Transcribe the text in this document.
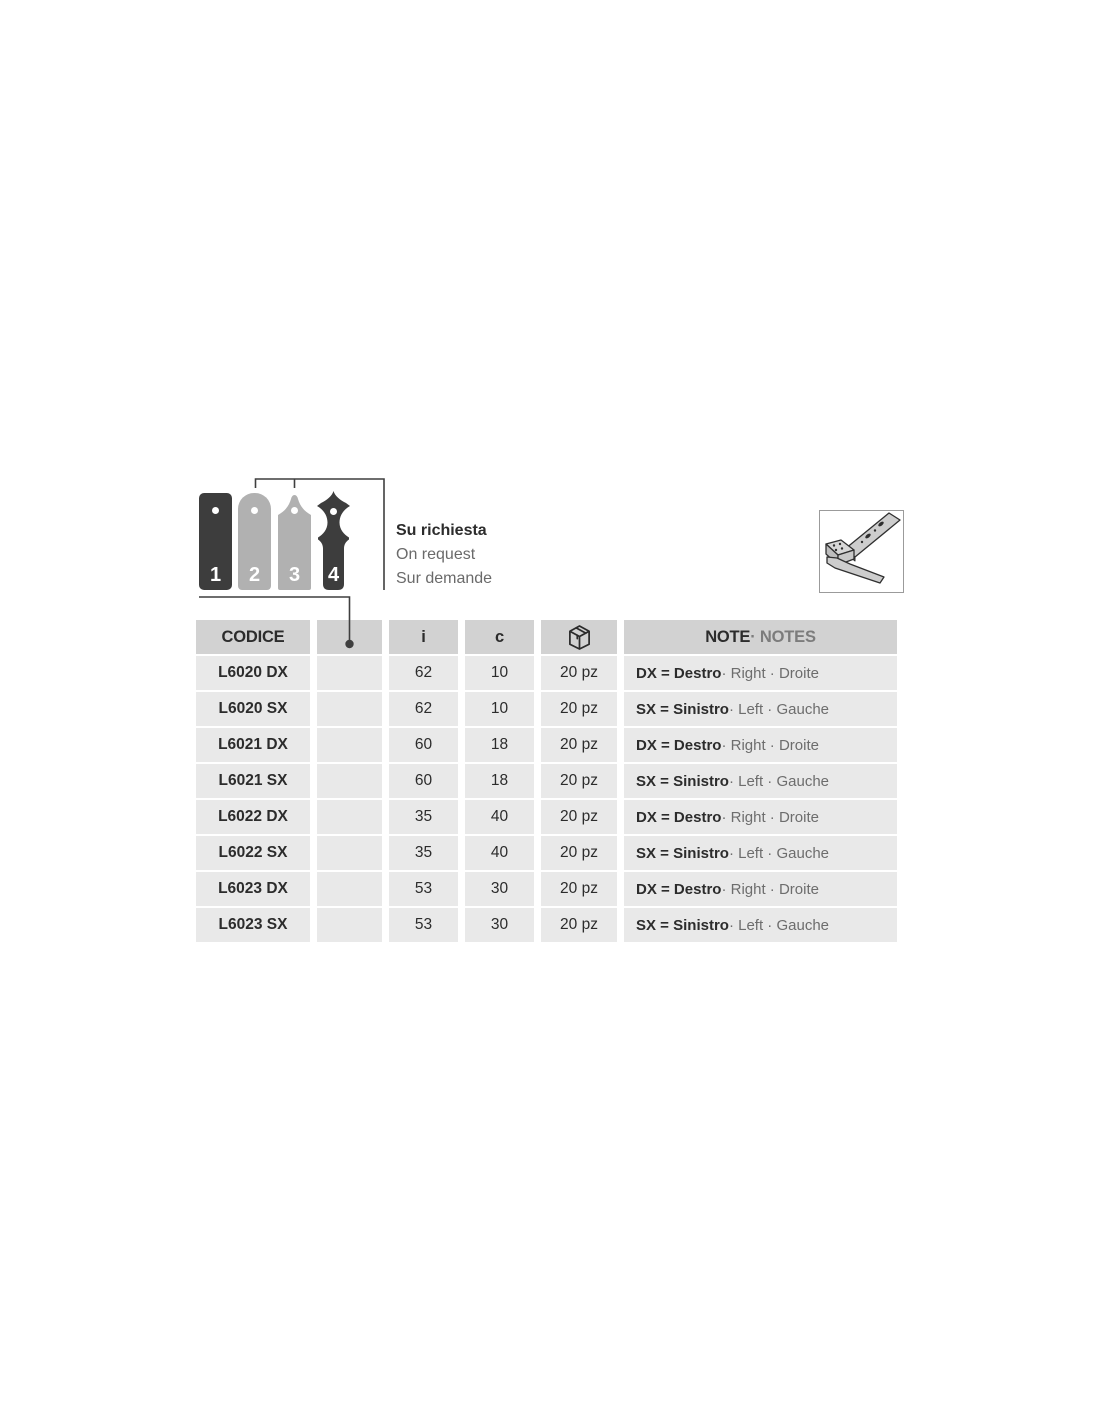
1	2	3	4
Su richiesta
On request
Sur demande
CODICE	i	c	NOTE · NOTES
L6020 DX	62	10	20 pz	DX = Destro · Right · Droite
L6020 SX	62	10	20 pz	SX = Sinistro · Left · Gauche
L6021 DX	60	18	20 pz	DX = Destro · Right · Droite
L6021 SX	60	18	20 pz	SX = Sinistro · Left · Gauche
L6022 DX	35	40	20 pz	DX = Destro · Right · Droite
L6022 SX	35	40	20 pz	SX = Sinistro · Left · Gauche
L6023 DX	53	30	20 pz	DX = Destro · Right · Droite
L6023 SX	53	30	20 pz	SX = Sinistro · Left · Gauche
